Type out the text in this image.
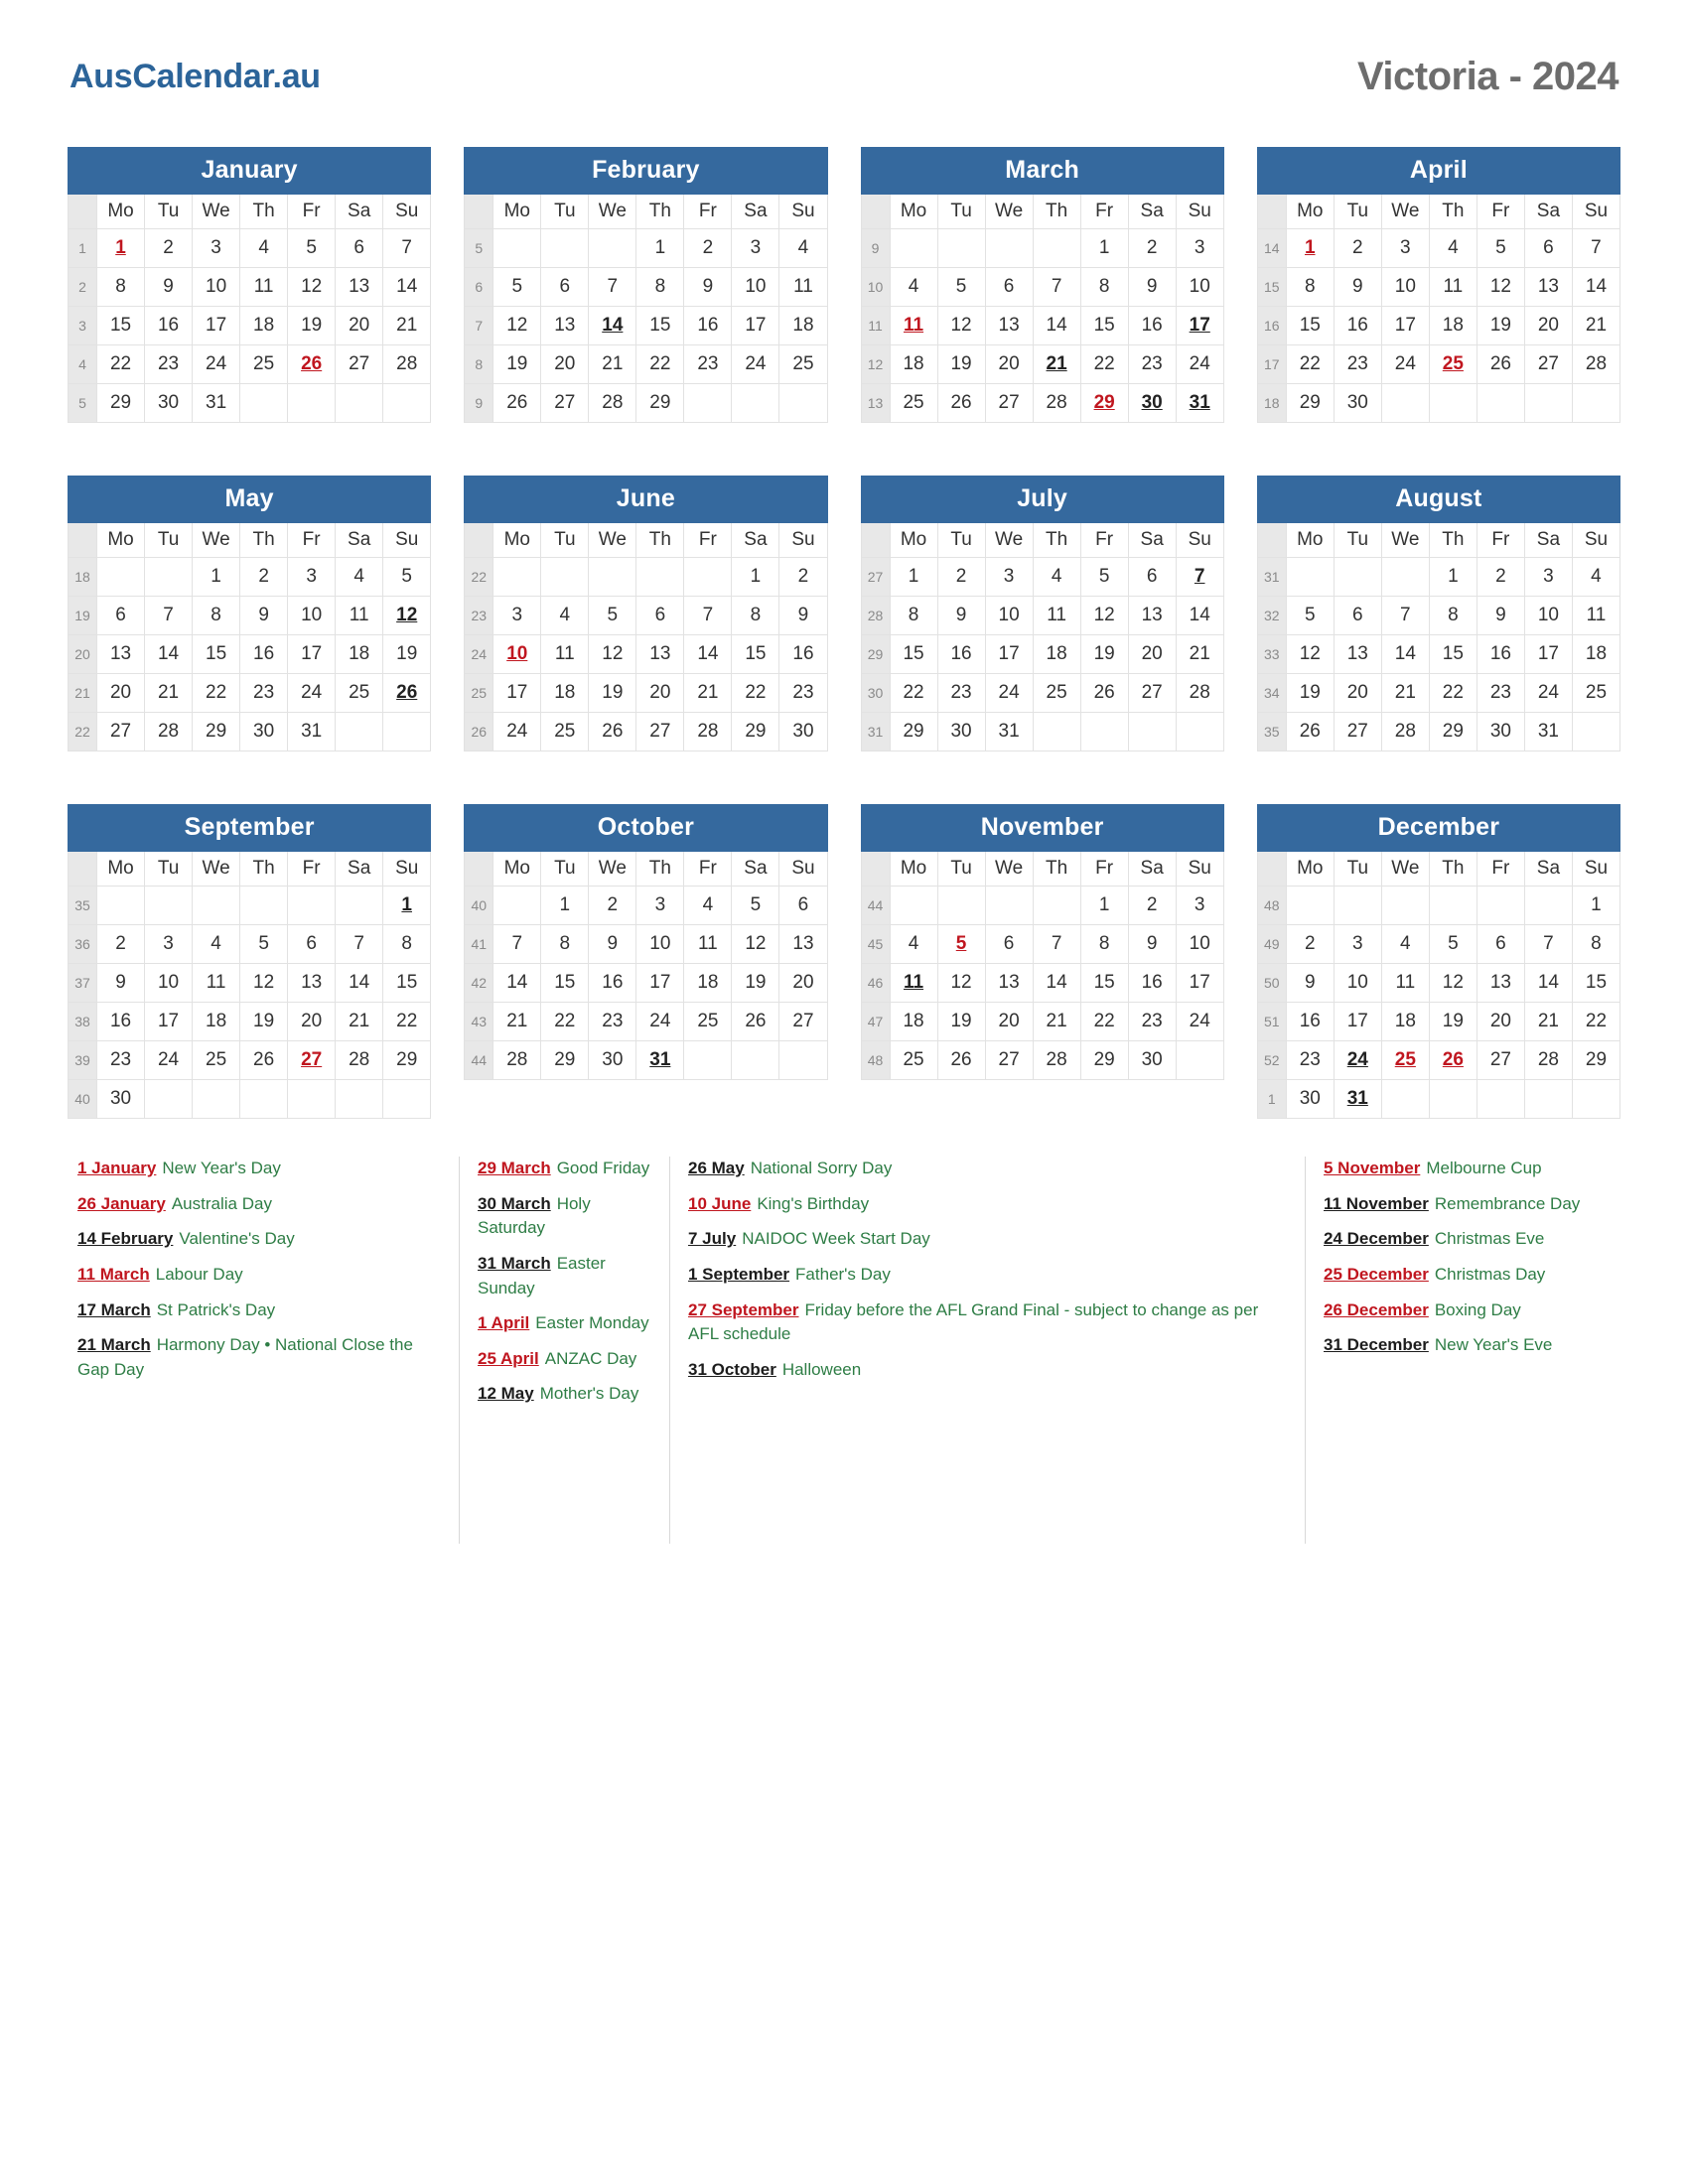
AusCalendar.au	Victoria - 2024
January
	Mo	Tu	We	Th	Fr	Sa	Su
1	1	2	3	4	5	6	7
2	8	9	10	11	12	13	14
3	15	16	17	18	19	20	21
4	22	23	24	25	26	27	28
5	29	30	31				
February
	Mo	Tu	We	Th	Fr	Sa	Su
5				1	2	3	4
6	5	6	7	8	9	10	11
7	12	13	14	15	16	17	18
8	19	20	21	22	23	24	25
9	26	27	28	29			
March
	Mo	Tu	We	Th	Fr	Sa	Su
9					1	2	3
10	4	5	6	7	8	9	10
11	11	12	13	14	15	16	17
12	18	19	20	21	22	23	24
13	25	26	27	28	29	30	31
April
	Mo	Tu	We	Th	Fr	Sa	Su
14	1	2	3	4	5	6	7
15	8	9	10	11	12	13	14
16	15	16	17	18	19	20	21
17	22	23	24	25	26	27	28
18	29	30					
May
	Mo	Tu	We	Th	Fr	Sa	Su
18			1	2	3	4	5
19	6	7	8	9	10	11	12
20	13	14	15	16	17	18	19
21	20	21	22	23	24	25	26
22	27	28	29	30	31		
June
	Mo	Tu	We	Th	Fr	Sa	Su
22						1	2
23	3	4	5	6	7	8	9
24	10	11	12	13	14	15	16
25	17	18	19	20	21	22	23
26	24	25	26	27	28	29	30
July
	Mo	Tu	We	Th	Fr	Sa	Su
27	1	2	3	4	5	6	7
28	8	9	10	11	12	13	14
29	15	16	17	18	19	20	21
30	22	23	24	25	26	27	28
31	29	30	31				
August
	Mo	Tu	We	Th	Fr	Sa	Su
31				1	2	3	4
32	5	6	7	8	9	10	11
33	12	13	14	15	16	17	18
34	19	20	21	22	23	24	25
35	26	27	28	29	30	31	
September
	Mo	Tu	We	Th	Fr	Sa	Su
35							1
36	2	3	4	5	6	7	8
37	9	10	11	12	13	14	15
38	16	17	18	19	20	21	22
39	23	24	25	26	27	28	29
40	30						
October
	Mo	Tu	We	Th	Fr	Sa	Su
40		1	2	3	4	5	6
41	7	8	9	10	11	12	13
42	14	15	16	17	18	19	20
43	21	22	23	24	25	26	27
44	28	29	30	31			
November
	Mo	Tu	We	Th	Fr	Sa	Su
44					1	2	3
45	4	5	6	7	8	9	10
46	11	12	13	14	15	16	17
47	18	19	20	21	22	23	24
48	25	26	27	28	29	30	
December
	Mo	Tu	We	Th	Fr	Sa	Su
48							1
49	2	3	4	5	6	7	8
50	9	10	11	12	13	14	15
51	16	17	18	19	20	21	22
52	23	24	25	26	27	28	29
1	30	31					
1 January New Year's Day
26 January Australia Day
14 February Valentine's Day
11 March Labour Day
17 March St Patrick's Day
21 March Harmony Day • National Close the Gap Day
29 March Good Friday
30 March Holy Saturday
31 March Easter Sunday
1 April Easter Monday
25 April ANZAC Day
12 May Mother's Day
26 May National Sorry Day
10 June King's Birthday
7 July NAIDOC Week Start Day
1 September Father's Day
27 September Friday before the AFL Grand Final - subject to change as per AFL schedule
31 October Halloween
5 November Melbourne Cup
11 November Remembrance Day
24 December Christmas Eve
25 December Christmas Day
26 December Boxing Day
31 December New Year's Eve
